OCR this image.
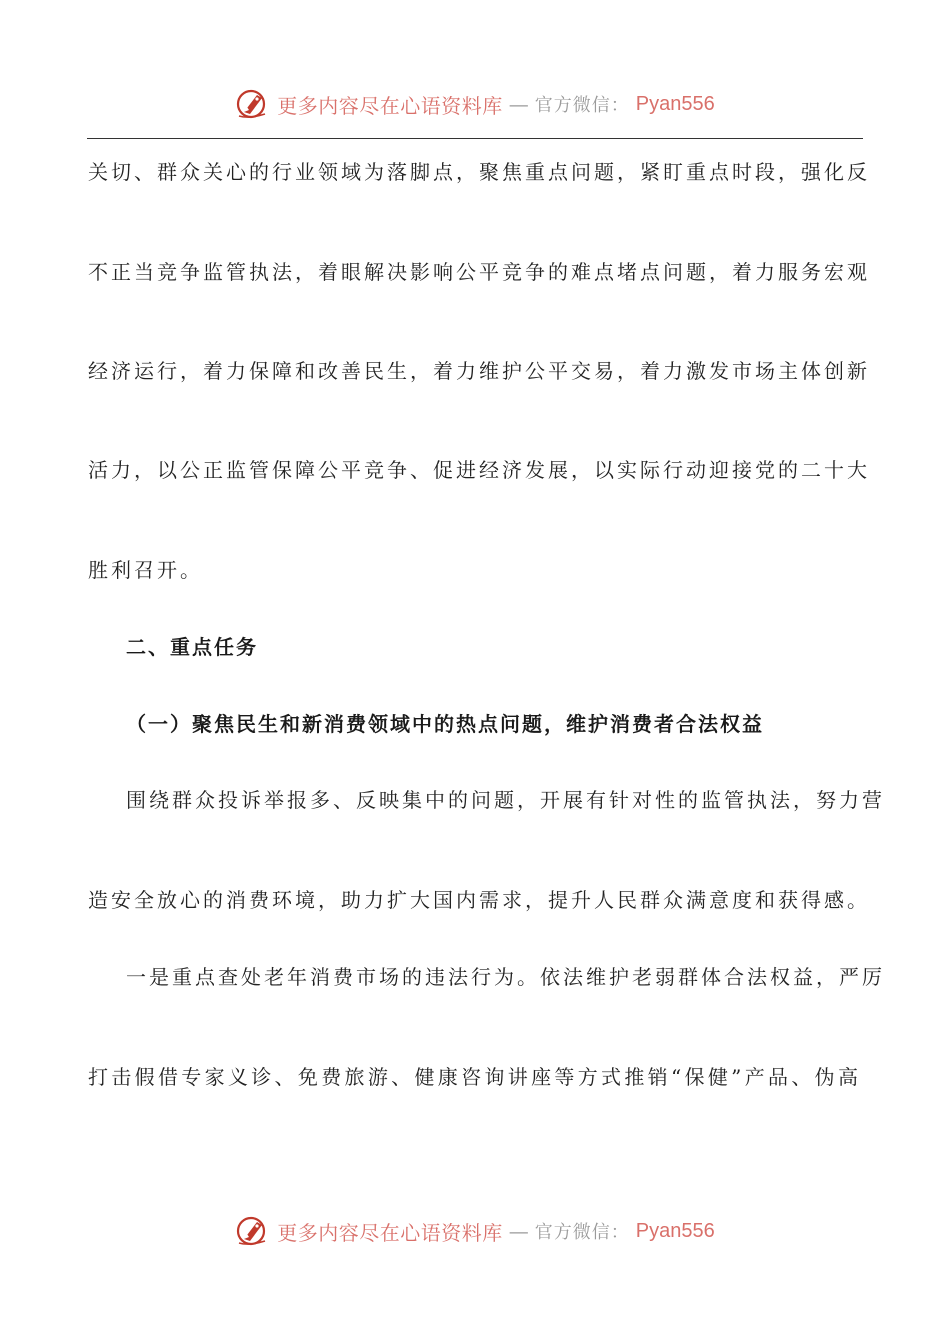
更多内容尽在心语资料库 — 官方微信： Pyan556
关切、群众关心的行业领域为落脚点，聚焦重点问题，紧盯重点时段，强化反
不正当竞争监管执法，着眼解决影响公平竞争的难点堵点问题，着力服务宏观
经济运行，着力保障和改善民生，着力维护公平交易，着力激发市场主体创新
活力，以公正监管保障公平竞争、促进经济发展，以实际行动迎接党的二十大
胜利召开。
二、重点任务
（一）聚焦民生和新消费领域中的热点问题，维护消费者合法权益
围绕群众投诉举报多、反映集中的问题，开展有针对性的监管执法，努力营
造安全放心的消费环境，助力扩大国内需求，提升人民群众满意度和获得感。
一是重点查处老年消费市场的违法行为。依法维护老弱群体合法权益，严厉
打击假借专家义诊、免费旅游、健康咨询讲座等方式推销“保健”产品、伪高
更多内容尽在心语资料库 — 官方微信： Pyan556
